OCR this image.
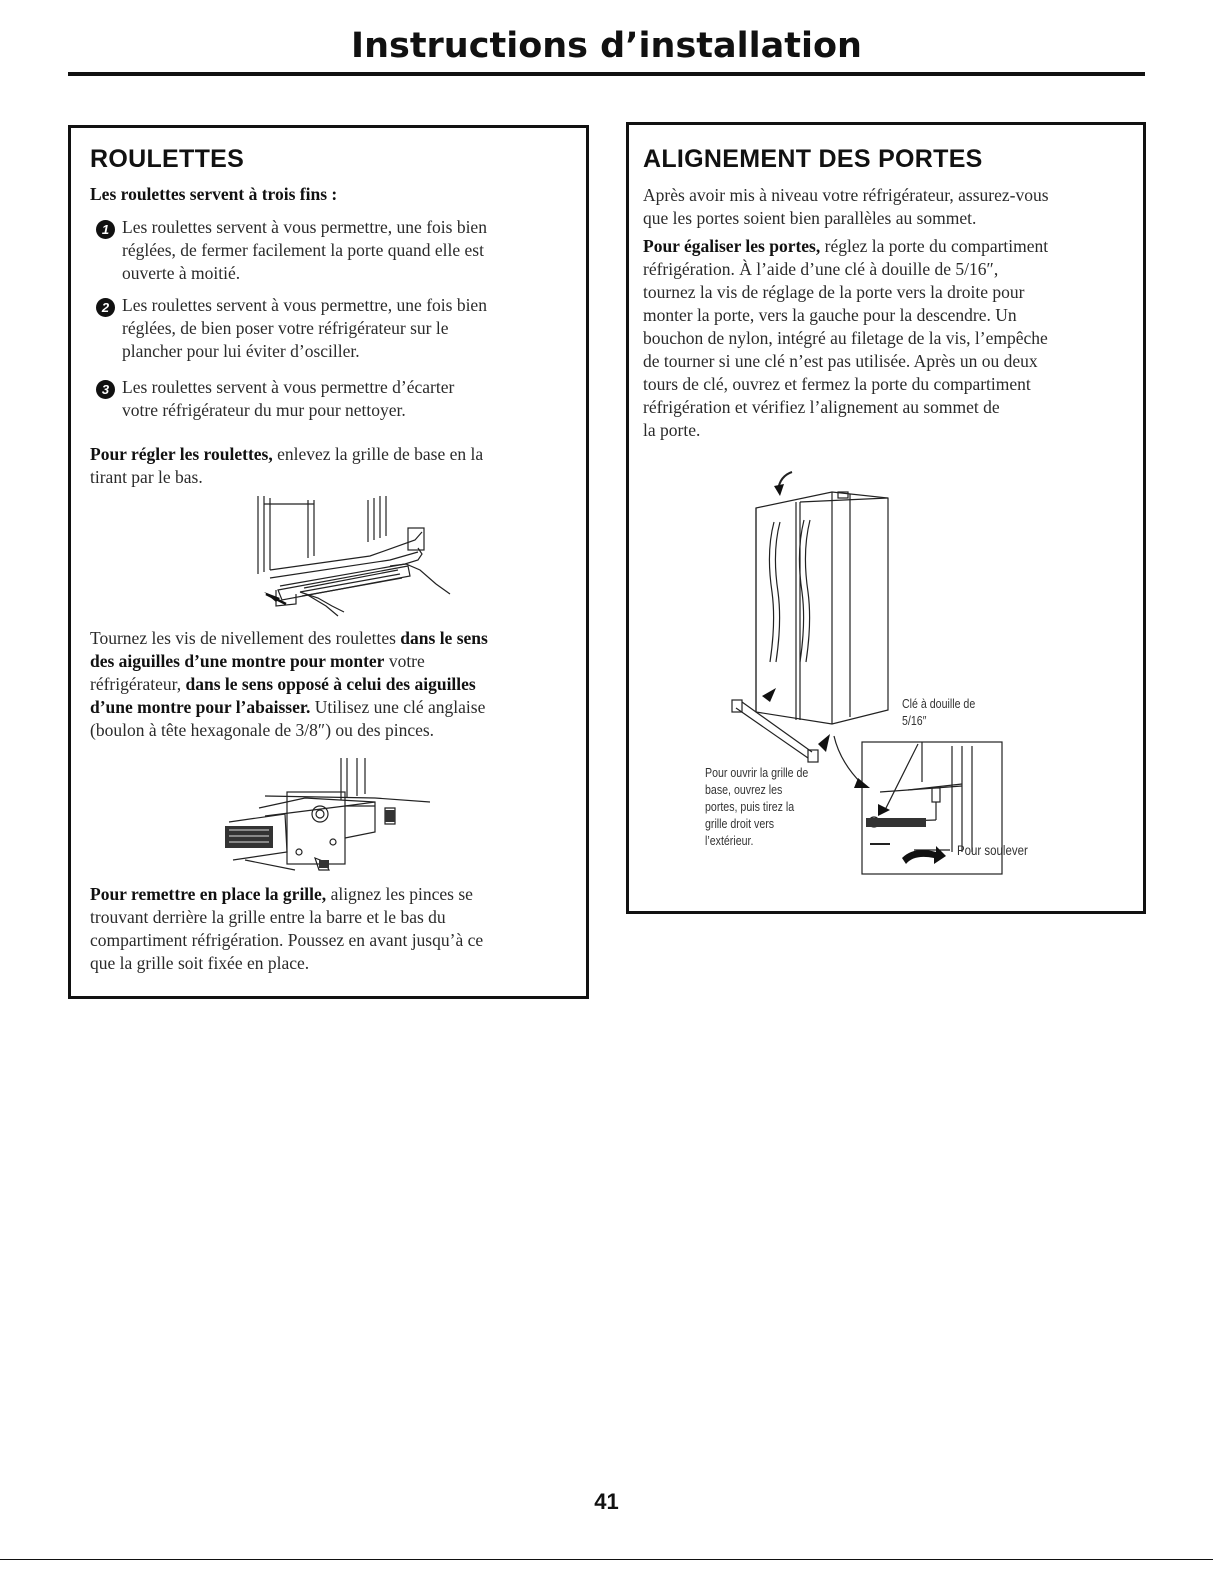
Instructions d’installation
ROULETTES
Les roulettes servent à trois fins :
1 Les roulettes servent à vous permettre, une fois bien
réglées, de fermer facilement la porte quand elle est
ouverte à moitié.
2 Les roulettes servent à vous permettre, une fois bien
réglées, de bien poser votre réfrigérateur sur le
plancher pour lui éviter d’osciller.
3 Les roulettes servent à vous permettre d’écarter
votre réfrigérateur du mur pour nettoyer.
Pour régler les roulettes, enlevez la grille de base en la
tirant par le bas.
Tournez les vis de nivellement des roulettes dans le sens
des aiguilles d’une montre pour monter votre
réfrigérateur, dans le sens opposé à celui des aiguilles
d’une montre pour l’abaisser. Utilisez une clé anglaise
(boulon à tête hexagonale de 3/8″) ou des pinces.
Pour remettre en place la grille, alignez les pinces se
trouvant derrière la grille entre la barre et le bas du
compartiment réfrigération. Poussez en avant jusqu’à ce
que la grille soit fixée en place.
ALIGNEMENT DES PORTES
Après avoir mis à niveau votre réfrigérateur, assurez-vous
que les portes soient bien parallèles au sommet.
Pour égaliser les portes, réglez la porte du compartiment
réfrigération. À l’aide d’une clé à douille de 5/16″,
tournez la vis de réglage de la porte vers la droite pour
monter la porte, vers la gauche pour la descendre. Un
bouchon de nylon, intégré au filetage de la vis, l’empêche
de tourner si une clé n’est pas utilisée. Après un ou deux
tours de clé, ouvrez et fermez la porte du compartiment
réfrigération et vérifiez l’alignement au sommet de
la porte.
Clé à douille de
5/16″
Pour ouvrir la grille de
base, ouvrez les
portes, puis tirez la
grille droit vers
l’extérieur.
Pour soulever
41
